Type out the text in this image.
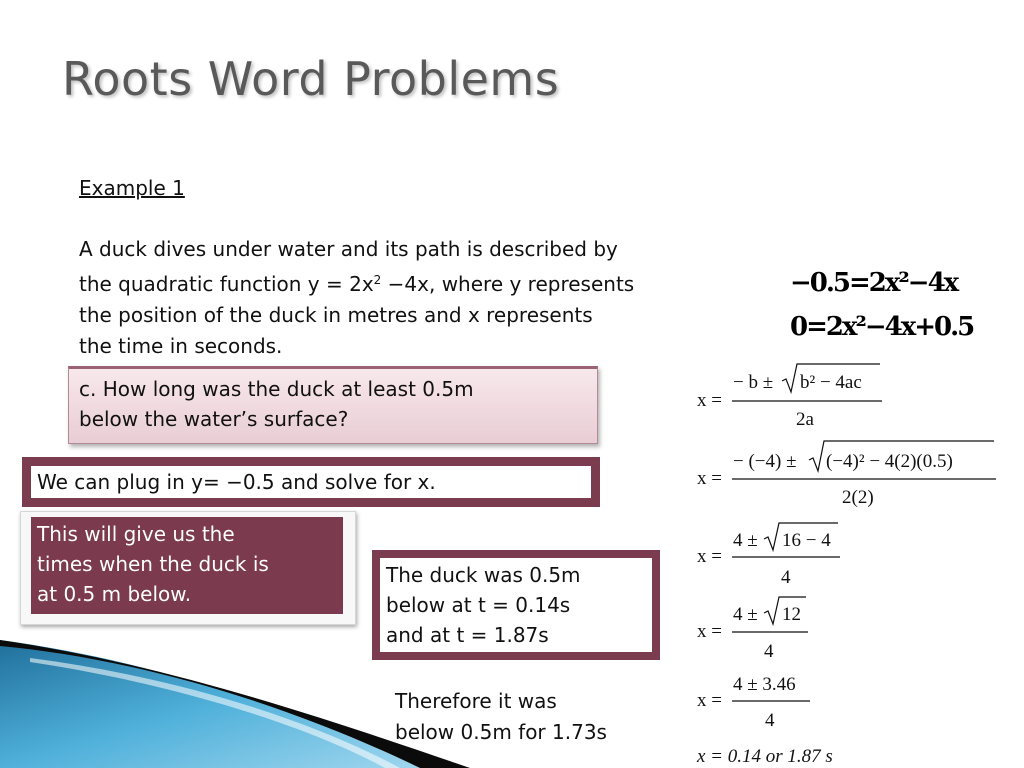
Roots Word Problems
Example 1

A duck dives under water and its path is described by

the quadratic function $y = 2x^2 -4x$, where y represents

the position of the duck in metres and x represents

the time in seconds.

−0.5=2x²−4x
0=2x²−4x+0.5
c. How long was the duck at least 0.5m
below the water’s surface?
We can plug in y= −0.5 and solve for x.
This will give us the
times when the duck is
at 0.5 m below.
The duck was 0.5m
below at t = 0.14s
and at t = 1.87s
Therefore it was
below 0.5m for 1.73s
x =
− b ± b² − 4ac
2a
x =
− (−4) ± (−4)² − 4(2)(0.5)
2(2)
x =
4 ± 16 − 4
4
x =
4 ± 12
4
x =
4 ± 3.46
4
x = 0.14 or 1.87 s
